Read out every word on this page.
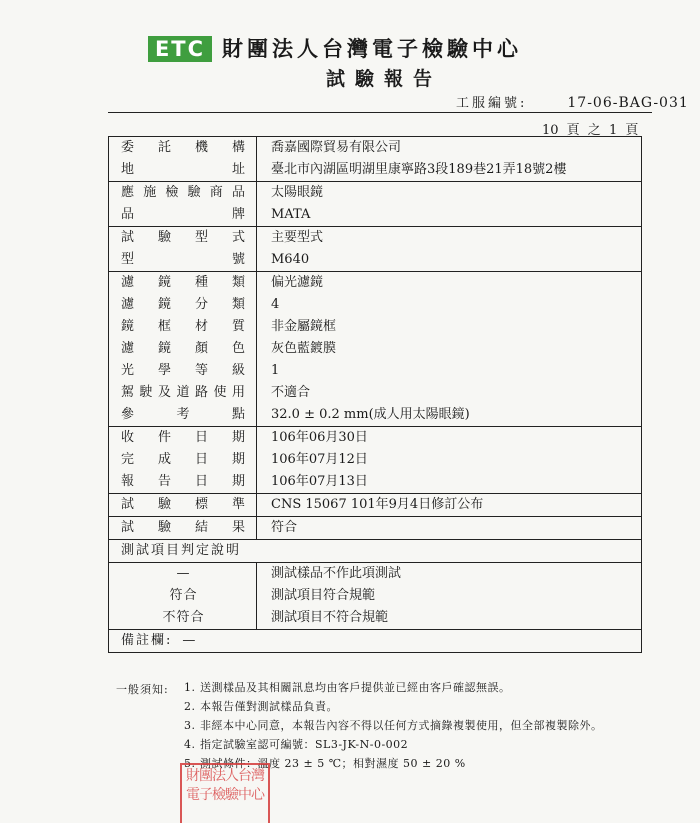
ETC 財團法人台灣電子檢驗中心
試驗報告
工服編號:	17-06-BAG-031
10 頁 之 1 頁
委託機構	喬嘉國際貿易有限公司
地址	臺北市內湖區明湖里康寧路3段189巷21弄18號2樓
應施檢驗商品	太陽眼鏡
品牌	MATA
試驗型式	主要型式
型號	M640
濾鏡種類	偏光濾鏡
濾鏡分類	4
鏡框材質	非金屬鏡框
濾鏡顏色	灰色藍鍍膜
光學等級	1
駕駛及道路使用	不適合
參考點	32.0 ± 0.2 mm(成人用太陽眼鏡)
收件日期	106年06月30日
完成日期	106年07月12日
報告日期	106年07月13日
試驗標準	CNS 15067 101年9月4日修訂公布
試驗結果	符合
測試項目判定說明
—	測試樣品不作此項測試
符合	測試項目符合規範
不符合	測試項目不符合規範
備註欄: —
一般須知: 1. 送測樣品及其相關訊息均由客戶提供並已經由客戶確認無誤。
2. 本報告僅對測試樣品負責。
3. 非經本中心同意，本報告內容不得以任何方式摘錄複製使用，但全部複製除外。
4. 指定試驗室認可編號：SL3-JK-N-0-002
5. 測試條件：溫度 23 ± 5 ℃；相對濕度 50 ± 20 %
財團法人台灣電子檢驗中心
